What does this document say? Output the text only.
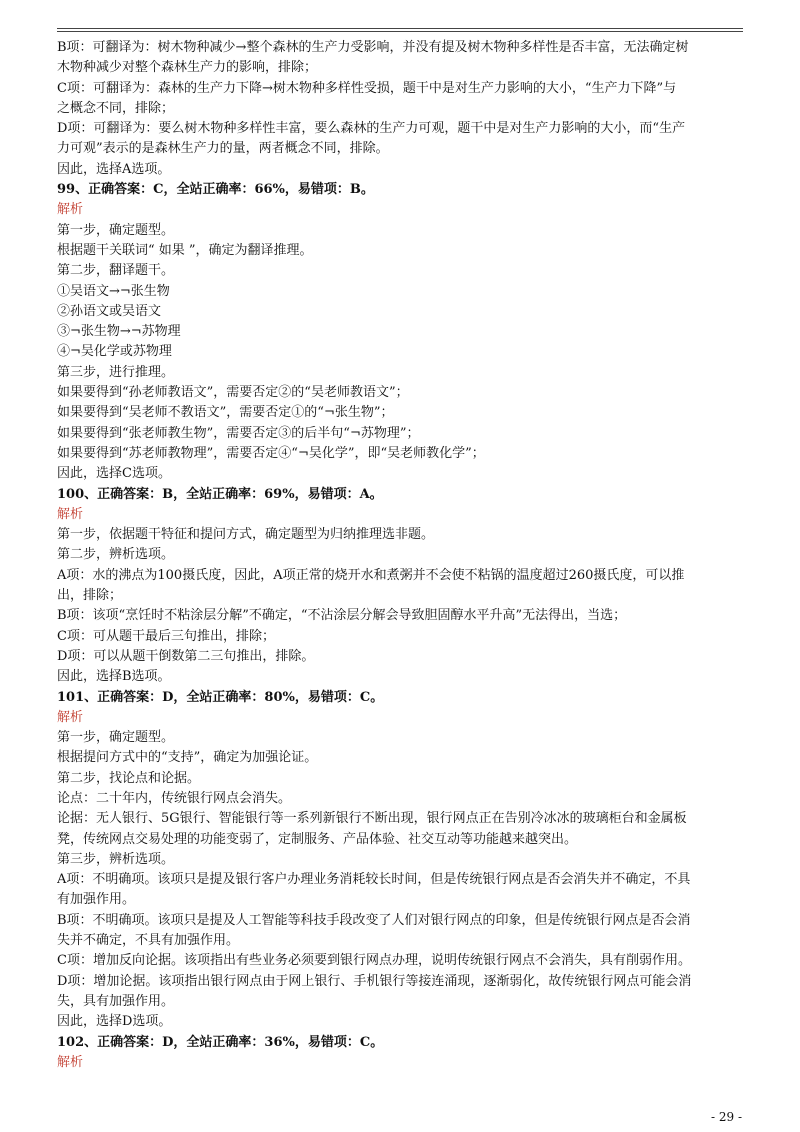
B项：可翻译为：树木物种减少→整个森林的生产力受影响，并没有提及树木物种多样性是否丰富，无法确定树
木物种减少对整个森林生产力的影响，排除；
C项：可翻译为：森林的生产力下降→树木物种多样性受损，题干中是对生产力影响的大小，“生产力下降”与
之概念不同，排除；
D项：可翻译为：要么树木物种多样性丰富，要么森林的生产力可观，题干中是对生产力影响的大小，而“生产
力可观”表示的是森林生产力的量，两者概念不同，排除。
因此，选择A选项。
99、正确答案：C，全站正确率：66%，易错项：B。
解析
第一步，确定题型。
根据题干关联词“ 如果 ”，确定为翻译推理。
第二步，翻译题干。
①吴语文→¬张生物
②孙语文或吴语文
③¬张生物→¬苏物理
④¬吴化学或苏物理
第三步，进行推理。
如果要得到“孙老师教语文”，需要否定②的“吴老师教语文”；
如果要得到“吴老师不教语文”，需要否定①的“¬张生物”；
如果要得到“张老师教生物”，需要否定③的后半句“¬苏物理”；
如果要得到“苏老师教物理”，需要否定④“¬吴化学”，即“吴老师教化学”；
因此，选择C选项。
100、正确答案：B，全站正确率：69%，易错项：A。
解析
第一步，依据题干特征和提问方式，确定题型为归纳推理选非题。
第二步，辨析选项。
A项：水的沸点为100摄氏度，因此，A项正常的烧开水和煮粥并不会使不粘锅的温度超过260摄氏度，可以推
出，排除；
B项：该项“烹饪时不粘涂层分解”不确定，“不沾涂层分解会导致胆固醇水平升高”无法得出，当选；
C项：可从题干最后三句推出，排除；
D项：可以从题干倒数第二三句推出，排除。
因此，选择B选项。
101、正确答案：D，全站正确率：80%，易错项：C。
解析
第一步，确定题型。
根据提问方式中的“支持”，确定为加强论证。
第二步，找论点和论据。
论点：二十年内，传统银行网点会消失。
论据：无人银行、5G银行、智能银行等一系列新银行不断出现，银行网点正在告别冷冰冰的玻璃柜台和金属板
凳，传统网点交易处理的功能变弱了，定制服务、产品体验、社交互动等功能越来越突出。
第三步，辨析选项。
A项：不明确项。该项只是提及银行客户办理业务消耗较长时间，但是传统银行网点是否会消失并不确定，不具
有加强作用。
B项：不明确项。该项只是提及人工智能等科技手段改变了人们对银行网点的印象，但是传统银行网点是否会消
失并不确定，不具有加强作用。
C项：增加反向论据。该项指出有些业务必须要到银行网点办理，说明传统银行网点不会消失，具有削弱作用。
D项：增加论据。该项指出银行网点由于网上银行、手机银行等接连涌现，逐渐弱化，故传统银行网点可能会消
失，具有加强作用。
因此，选择D选项。
102、正确答案：D，全站正确率：36%，易错项：C。
解析
- 29 -
